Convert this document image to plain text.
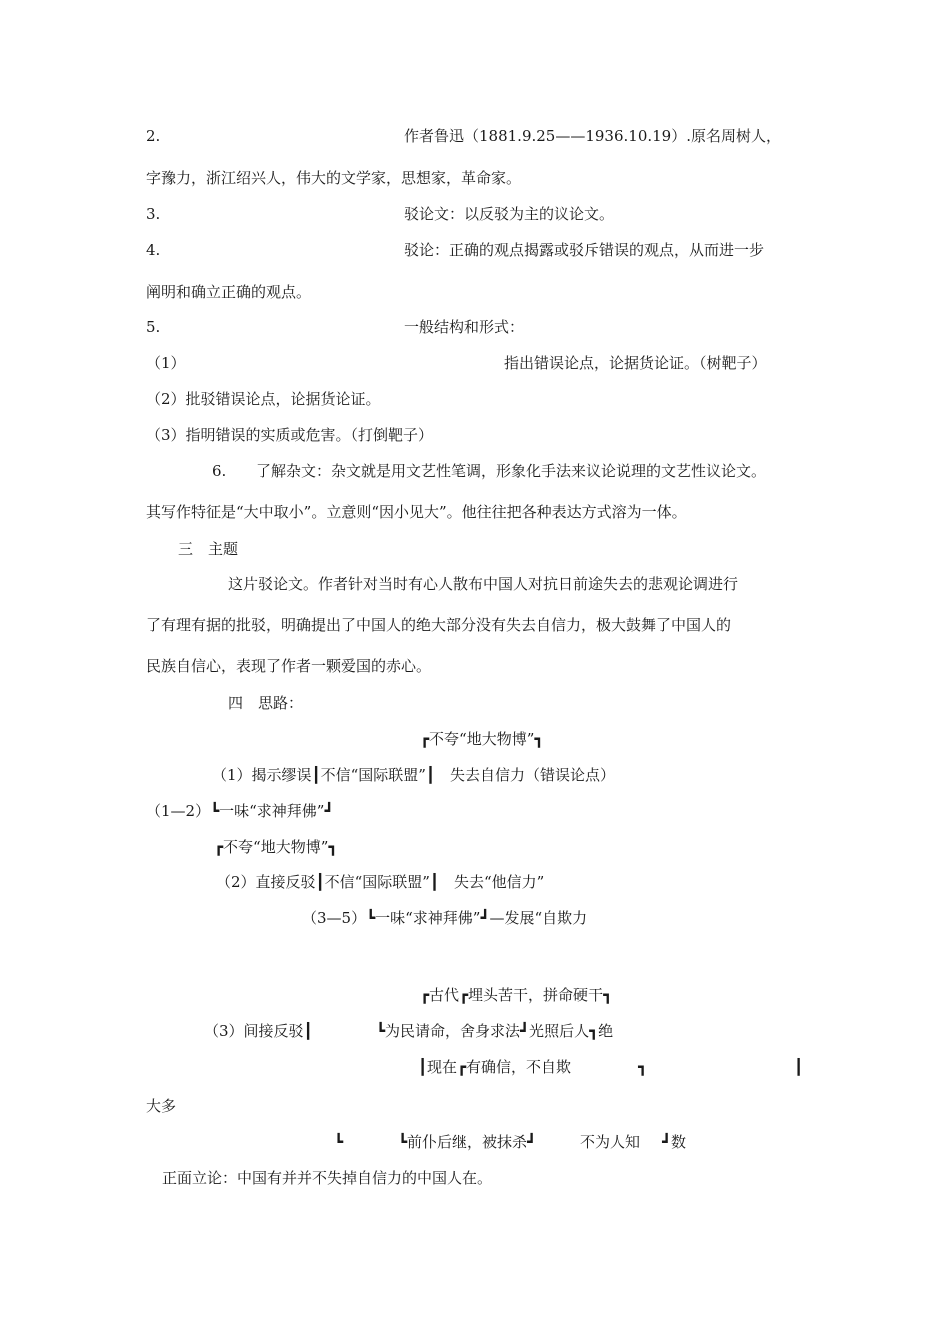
2.	作者鲁迅（1881.9.25——1936.10.19）.原名周树人，
字豫力，浙江绍兴人，伟大的文学家，思想家，革命家。
3.	驳论文：以反驳为主的议论文。
4.	驳论：正确的观点揭露或驳斥错误的观点，从而进一步
阐明和确立正确的观点。
5.	一般结构和形式：
（1）	指出错误论点，论据货论证。（树靶子）
（2）批驳错误论点，论据货论证。
（3）指明错误的实质或危害。（打倒靶子）
6. 了解杂文：杂文就是用文艺性笔调，形象化手法来议论说理的文艺性议论文。
其写作特征是“大中取小”。立意则“因小见大”。他往往把各种表达方式溶为一体。
三　主题
这片驳论文。作者针对当时有心人散布中国人对抗日前途失去的悲观论调进行
了有理有据的批驳，明确提出了中国人的绝大部分没有失去自信力，极大鼓舞了中国人的
民族自信心，表现了作者一颗爱国的赤心。
四　思路：
┏不夸“地大物博”┓
（1）揭示缪误┃不信“国际联盟”┃　失去自信力（错误论点）
（1—2）┗一味“求神拜佛”┛
┏不夸“地大物博”┓
（2）直接反驳┃不信“国际联盟”┃　失去“他信力”
（3—5）┗一味“求神拜佛”┛—发展“自欺力
┏古代┏埋头苦干，拼命硬干┓
（3）间接反驳┃	┗为民请命，舍身求法┛光照后人┓绝
┃现在┏有确信，不自欺	┓	┃
大多
┗	┗前仆后继，被抹杀┛	不为人知 ┛数
正面立论：中国有并并不失掉自信力的中国人在。
